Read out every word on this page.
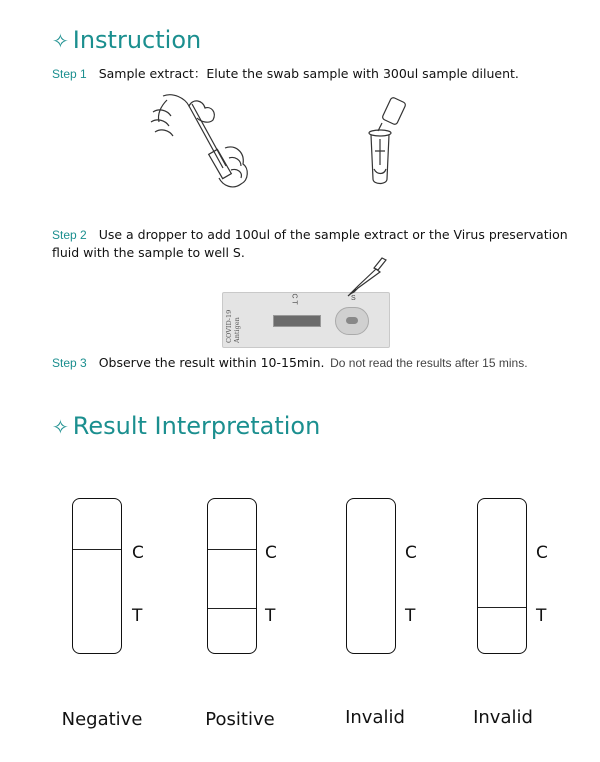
✧ Instruction
Step 1 Sample extract：Elute the swab sample with 300ul sample diluent.
Step 2 Use a dropper to add 100ul of the sample extract or the Virus preservation
fluid with the sample to well S.
COVID-19 Antigen
C T	S
Step 3 Observe the result within 10-15min. Do not read the results after 15 mins.
✧ Result Interpretation
C
T
Negative
C
T
Positive
C
T
Invalid
C
T
Invalid
